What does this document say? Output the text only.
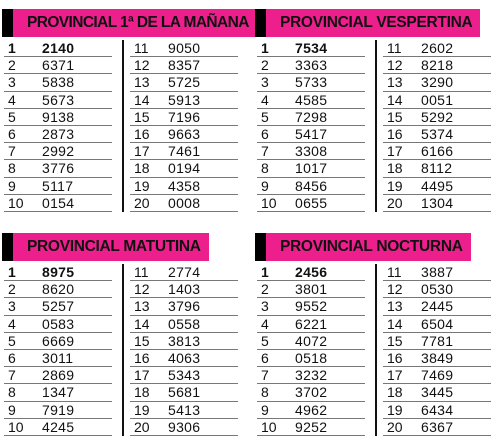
PROVINCIAL 1ª DE LA MAÑANA
1 2140
2 6371
3 5838
4 5673
5 9138
6 2873
7 2992
8 3776
9 5117
10 0154
11 9050
12 8357
13 5725
14 5913
15 7196
16 9663
17 7461
18 0194
19 4358
20 0008
PROVINCIAL VESPERTINA
1 7534
2 3363
3 5733
4 4585
5 7298
6 5417
7 3308
8 1017
9 8456
10 0655
11 2602
12 8218
13 3290
14 0051
15 5292
16 5374
17 6166
18 8112
19 4495
20 1304
PROVINCIAL MATUTINA
1 8975
2 8620
3 5257
4 0583
5 6669
6 3011
7 2869
8 1347
9 7919
10 4245
11 2774
12 1403
13 3796
14 0558
15 3813
16 4063
17 5343
18 5681
19 5413
20 9306
PROVINCIAL NOCTURNA
1 2456
2 3801
3 9552
4 6221
5 4072
6 0518
7 3232
8 3702
9 4962
10 9252
11 3887
12 0530
13 2445
14 6504
15 7781
16 3849
17 7469
18 3445
19 6434
20 6367
